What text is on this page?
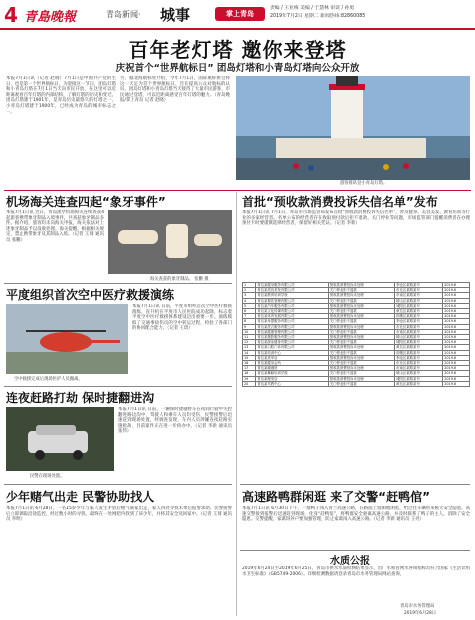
4 青島晚報	青岛新闻· 城事	掌上青岛
责编 / 王亚梅 美编 / 于慧林 审读 / 孙勇
2019年7月2日 星期二 新闻热线:82860085
百年老灯塔 邀你来登塔
庆祝首个“世界航标日” 团岛灯塔和小青岛灯塔向公众开放
本报7月1日讯（记者 赵晓）7月1日是中国共产党的生日，也是第一个世界航标日，为迎接这一节日，团岛灯塔和小青岛灯塔在7月1日当天向市民开放，在这里可以近距离观看百年灯塔的内部结构，了解灯塔的历史和变迁。团岛灯塔建于1901年，是青岛历史最悠久的灯塔之一，小青岛灯塔建于1900年，已经成为青岛的城市标志之一。
另，据北海航标处介绍，今年7月1日，国际航标协会将这一天定为首个世界航标日，旨在提高公众对航标的认识，团岛灯塔和小青岛灯塔当天接待了大量市民游客，市民通过登塔，可以近距离感受百年灯塔的魅力。（青岛晚报/掌上青岛 记者 赵晓）
游客排队登小青岛灯塔。
机场海关连查四起“象牙事件”
本报7月1日讯 近日，青岛流亭机场海关连续查获4起旅客携带象牙制品入境事件，共查获象牙制品多件。据介绍，旅客均未向海关申报，海关依法对上述象牙制品予以没收处理。海关提醒，根据相关规定，禁止携带象牙及其制品入境。（记者 王琦 通讯员 张鹏）
海关查获的象牙制品。 张鹏 摄
平度组织首次空中医疗救援演练
空中救援完成后现场医护人员撤离。
本报7月1日讯 日前，平度市组织首次空中医疗救援演练，直升机在平度市人民医院成功起降，标志着平度空中医疗救援体系建设迈出重要一步。演练模拟了交通事故伤员的空中转运过程，检验了各部门的协同配合能力。（记者 王琦）
连夜赶路打劫 保时捷翻进沟
民警在现场处置。
本报7月1日讯 日前，一辆保时捷越野车在夜间行驶中失控翻进路边沟中，驾驶人和乘车人员均受伤，民警接警后迅速赶到现场处置，经调查发现，车内人员涉嫌连夜赶路实施抢劫，目前案件正在进一步侦办中。（记者 李新 通讯员 张伟）
少年赌气出走 民警协助找人
本报7月1日讯 6月28日，一名15岁少年与家人发生矛盾后赌气离家出走，家人四处寻找未果后报警求助。民警接警后立即调取沿途监控，经过数小时的寻找，最终在一处网吧内找到了该少年，并将其安全送回家中。（记者 王琦 通讯员 李明）
首批“预收款消费投诉失信名单”发布
本报7月1日讯 7月1日，青岛市市场监管局发布首批“预收款消费投诉失信名单”，涉及健身、美容美发、教育培训等行业的多家经营者。名单公布的经营者存在收取预付款后拒不退款、关门停业等问题，市场监管部门提醒消费者在办理预付卡时要谨慎选择经营者，保留好相关凭证。（记者 李新）
1	青岛某健身服务有限公司	预收款消费投诉未处理	李沧区某路某号	2019.6
2	青岛某美容美发有限公司	关门停业拒不退款	市北区某路某号	2019.6
3	青岛某教育培训学校	预收款消费投诉未处理	市南区某路某号	2019.6
4	青岛某餐饮管理有限公司	关门停业拒不退款	崂山区某路某号	2019.6
5	青岛某汽车服务有限公司	预收款消费投诉未处理	城阳区某路某号	2019.6
6	青岛某文化传媒有限公司	关门停业拒不退款	黄岛区某路某号	2019.6
7	青岛某体育发展有限公司	预收款消费投诉未处理	即墨区某路某号	2019.6
8	青岛某母婴服务有限公司	关门停业拒不退款	李沧区某路某号	2019.6
9	青岛某洗衣服务有限公司	预收款消费投诉未处理	市北区某路某号	2019.6
10	青岛某健康管理有限公司	关门停业拒不退款	市南区某路某号	2019.6
11	青岛某摄影服务有限公司	预收款消费投诉未处理	崂山区某路某号	2019.6
12	青岛某游泳健身有限公司	关门停业拒不退款	城阳区某路某号	2019.6
13	青岛某口腔门诊有限公司	预收款消费投诉未处理	黄岛区某路某号	2019.6
14	青岛某培训中心	关门停业拒不退款	即墨区某路某号	2019.6
15	青岛某美甲店	预收款消费投诉未处理	李沧区某路某号	2019.6
16	青岛某健身会所	关门停业拒不退款	市北区某路某号	2019.6
17	青岛某瑜伽馆	预收款消费投诉未处理	市南区某路某号	2019.6
18	青岛某舞蹈培训学校	关门停业拒不退款	崂山区某路某号	2019.6
19	青岛某理发店	预收款消费投诉未处理	城阳区某路某号	2019.6
20	青岛某早教中心	关门停业拒不退款	黄岛区某路某号	2019.6
高速路鸭群闲逛 来了交警“赶鸭倌”
本报7月1日讯 6月30日下午，一群鸭子闯入青兰高速公路，在路面上悠闲地闲逛，给过往车辆带来极大安全隐患。高速交警接到报警后迅速赶到现场，化身“赶鸭倌”，将鸭群安全驱离高速公路，并及时联系了鸭子的主人，消除了安全隐患。交警提醒，家禽饲养户要加强管理，防止家禽闯入高速公路。（记者 李新 通讯员 王亮）
水质公报
2019年6月24日至2019年6月25日，青岛市供水水质检测结果显示，出厂水和管网水各项指标均符合国家《生活饮用水卫生标准》（GB5749-2006）。详细检测数据请登录青岛市水务管理局网站查询。
青岛市水务管理局
2019年6月28日
